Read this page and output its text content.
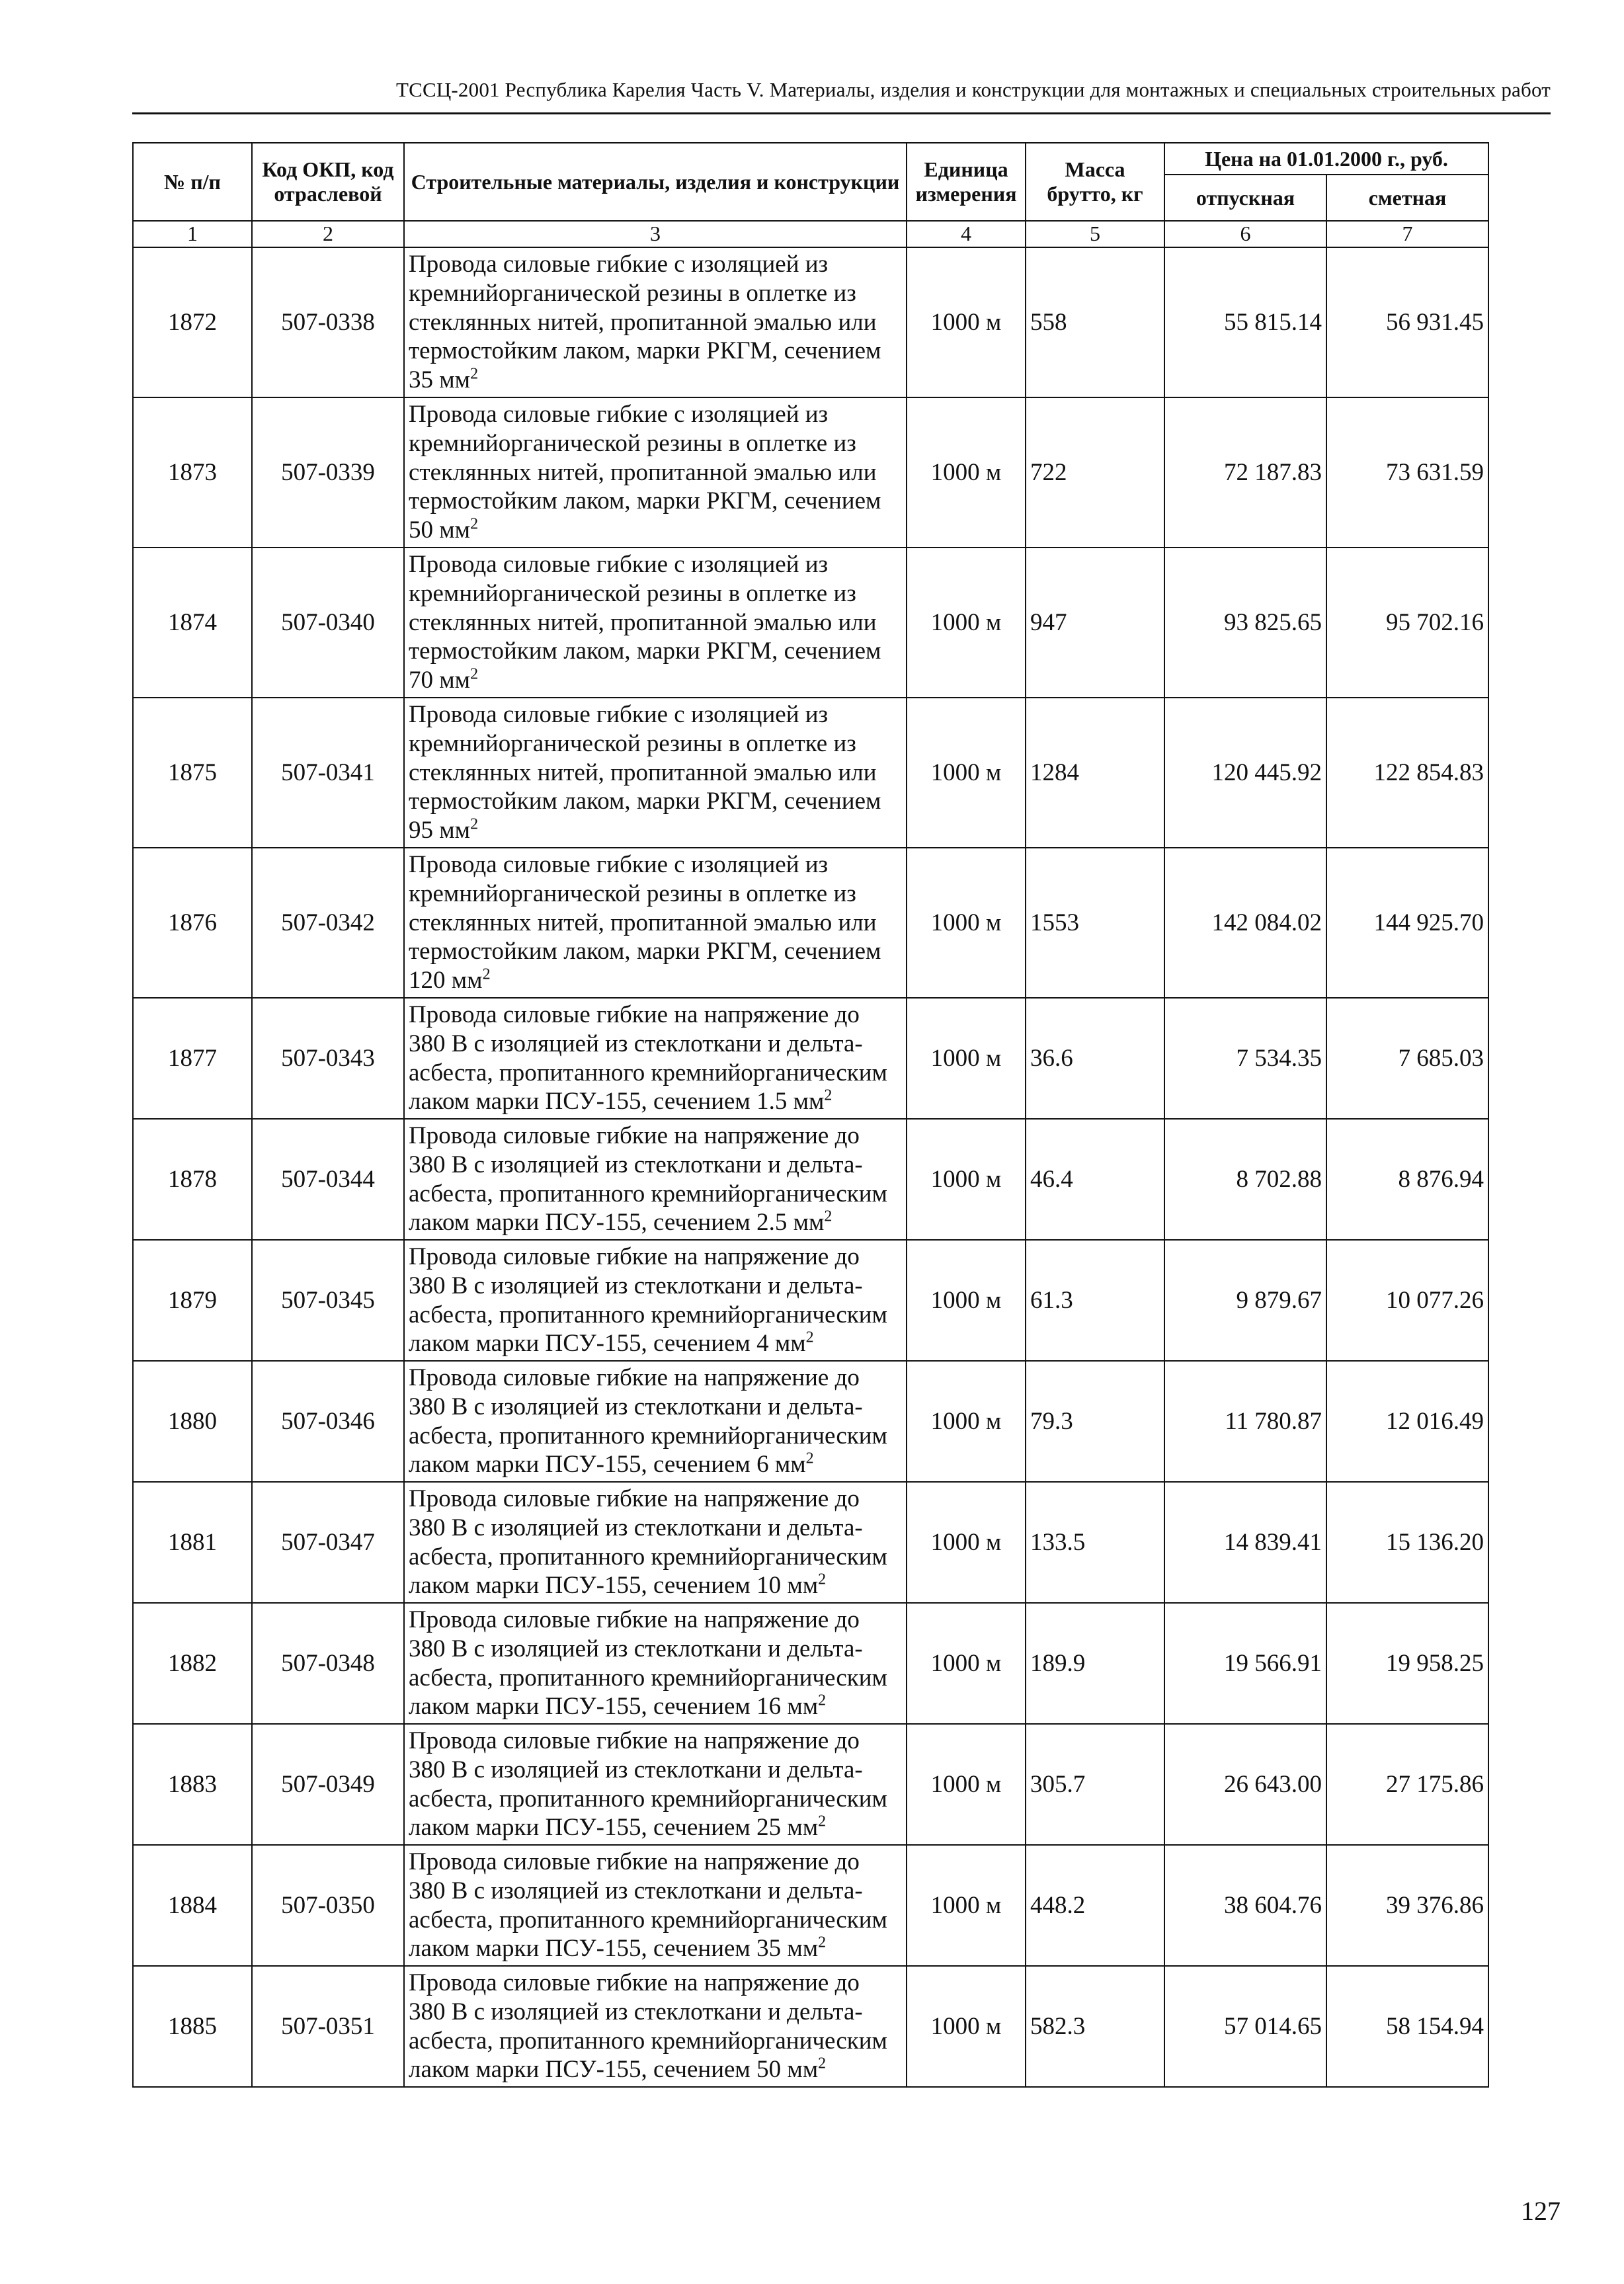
ТССЦ-2001 Республика Карелия Часть V. Материалы, изделия и конструкции для монтажных и специальных строительных работ
№ п/п	Код ОКП, код отраслевой	Строительные материалы, изделия и конструкции	Единица измерения	Масса брутто, кг	Цена на 01.01.2000 г., руб.	
					отпускная	сметная
1	2	3	4	5	6	7
1872	507-0338	Провода силовые гибкие с изоляцией из кремнийорганической резины в оплетке из стеклянных нитей, пропитанной эмалью или термостойким лаком, марки РКГМ, сечением 35 $мм^2$	1000 м	558	55 815.14	56 931.45
1873	507-0339	Провода силовые гибкие с изоляцией из кремнийорганической резины в оплетке из стеклянных нитей, пропитанной эмалью или термостойким лаком, марки РКГМ, сечением 50 $мм^2$	1000 м	722	72 187.83	73 631.59
1874	507-0340	Провода силовые гибкие с изоляцией из кремнийорганической резины в оплетке из стеклянных нитей, пропитанной эмалью или термостойким лаком, марки РКГМ, сечением 70 $мм^2$	1000 м	947	93 825.65	95 702.16
1875	507-0341	Провода силовые гибкие с изоляцией из кремнийорганической резины в оплетке из стеклянных нитей, пропитанной эмалью или термостойким лаком, марки РКГМ, сечением 95 $мм^2$	1000 м	1284	120 445.92	122 854.83
1876	507-0342	Провода силовые гибкие с изоляцией из кремнийорганической резины в оплетке из стеклянных нитей, пропитанной эмалью или термостойким лаком, марки РКГМ, сечением 120 $мм^2$	1000 м	1553	142 084.02	144 925.70
1877	507-0343	Провода силовые гибкие на напряжение до 380 В с изоляцией из стеклоткани и дельта-асбеста, пропитанного кремнийорганическим лаком марки ПСУ-155, сечением 1.5 $мм^2$	1000 м	36.6	7 534.35	7 685.03
1878	507-0344	Провода силовые гибкие на напряжение до 380 В с изоляцией из стеклоткани и дельта-асбеста, пропитанного кремнийорганическим лаком марки ПСУ-155, сечением 2.5 $мм^2$	1000 м	46.4	8 702.88	8 876.94
1879	507-0345	Провода силовые гибкие на напряжение до 380 В с изоляцией из стеклоткани и дельта-асбеста, пропитанного кремнийорганическим лаком марки ПСУ-155, сечением 4 $мм^2$	1000 м	61.3	9 879.67	10 077.26
1880	507-0346	Провода силовые гибкие на напряжение до 380 В с изоляцией из стеклоткани и дельта-асбеста, пропитанного кремнийорганическим лаком марки ПСУ-155, сечением 6 $мм^2$	1000 м	79.3	11 780.87	12 016.49
1881	507-0347	Провода силовые гибкие на напряжение до 380 В с изоляцией из стеклоткани и дельта-асбеста, пропитанного кремнийорганическим лаком марки ПСУ-155, сечением 10 $мм^2$	1000 м	133.5	14 839.41	15 136.20
1882	507-0348	Провода силовые гибкие на напряжение до 380 В с изоляцией из стеклоткани и дельта-асбеста, пропитанного кремнийорганическим лаком марки ПСУ-155, сечением 16 $мм^2$	1000 м	189.9	19 566.91	19 958.25
1883	507-0349	Провода силовые гибкие на напряжение до 380 В с изоляцией из стеклоткани и дельта-асбеста, пропитанного кремнийорганическим лаком марки ПСУ-155, сечением 25 $мм^2$	1000 м	305.7	26 643.00	27 175.86
1884	507-0350	Провода силовые гибкие на напряжение до 380 В с изоляцией из стеклоткани и дельта-асбеста, пропитанного кремнийорганическим лаком марки ПСУ-155, сечением 35 $мм^2$	1000 м	448.2	38 604.76	39 376.86
1885	507-0351	Провода силовые гибкие на напряжение до 380 В с изоляцией из стеклоткани и дельта-асбеста, пропитанного кремнийорганическим лаком марки ПСУ-155, сечением 50 $мм^2$	1000 м	582.3	57 014.65	58 154.94
127
